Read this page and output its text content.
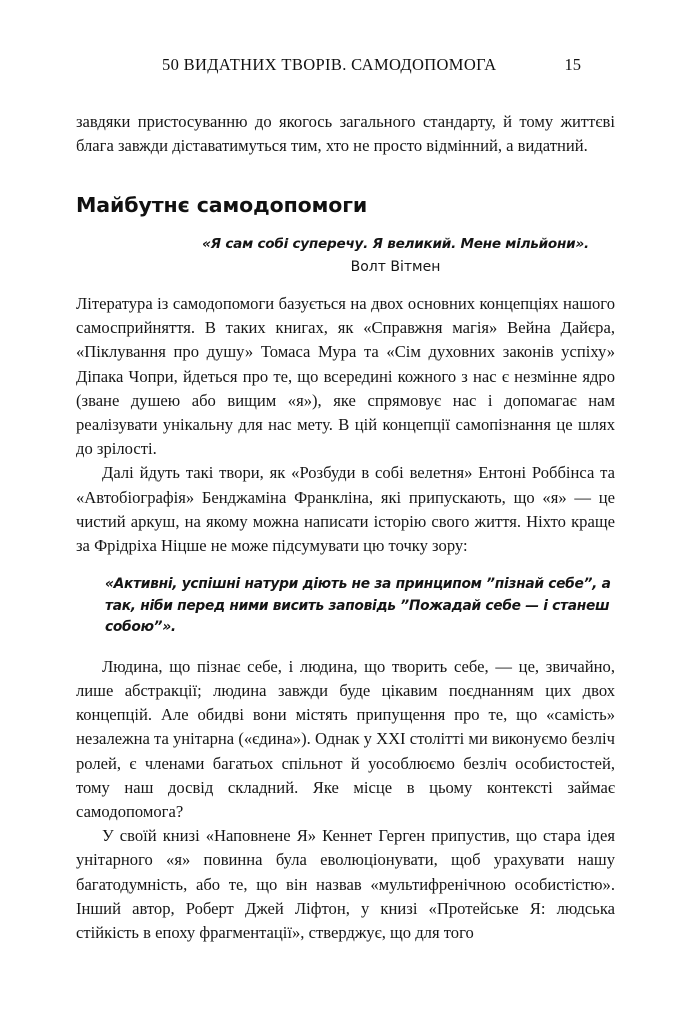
50 ВИДАТНИХ ТВОРІВ. САМОДОПОМОГА	15

завдяки пристосуванню до якогось загального стандарту, й тому життєві блага завжди діставатимуться тим, хто не просто відмінний, а видатний.

Майбутнє самодопомоги
«Я сам собі суперечу. Я великий. Мене мільйони».
Волт Вітмен

Література із самодопомоги базується на двох основних концепціях нашого самосприйняття. В таких книгах, як «Справжня магія» Вейна Дайєра, «Піклування про душу» Томаса Мура та «Сім духовних законів успіху» Діпака Чопри, йдеться про те, що всередині кожного з нас є незмінне ядро (зване душею або вищим «я»), яке спрямовує нас і допомагає нам реалізувати унікальну для нас мету. В цій концепції самопізнання це шлях до зрілості.

Далі йдуть такі твори, як «Розбуди в собі велетня» Ентоні Роббінса та «Автобіографія» Бенджаміна Франкліна, які припускають, що «я» — це чистий аркуш, на якому можна написати історію свого життя. Ніхто краще за Фрідріха Ніцше не може підсумувати цю точку зору:

«Активні, успішні натури діють не за принципом ”пізнай себе”, а так, ніби перед ними висить заповідь ”Пожадай себе — і станеш собою”».

Людина, що пізнає себе, і людина, що творить себе, — це, звичайно, лише абстракції; людина завжди буде цікавим поєднанням цих двох концепцій. Але обидві вони містять припущення про те, що «самість» незалежна та унітарна («єдина»). Однак у XXI столітті ми виконуємо безліч ролей, є членами багатьох спільнот й уособлюємо безліч особистостей, тому наш досвід складний. Яке місце в цьому контексті займає самодопомога?

У своїй книзі «Наповнене Я» Кеннет Герген припустив, що стара ідея унітарного «я» повинна була еволюціонувати, щоб урахувати нашу багатодумність, або те, що він назвав «мультифренічною особистістю». Інший автор, Роберт Джей Ліфтон, у книзі «Протейське Я: людська стійкість в епоху фрагментації», стверджує, що для того
